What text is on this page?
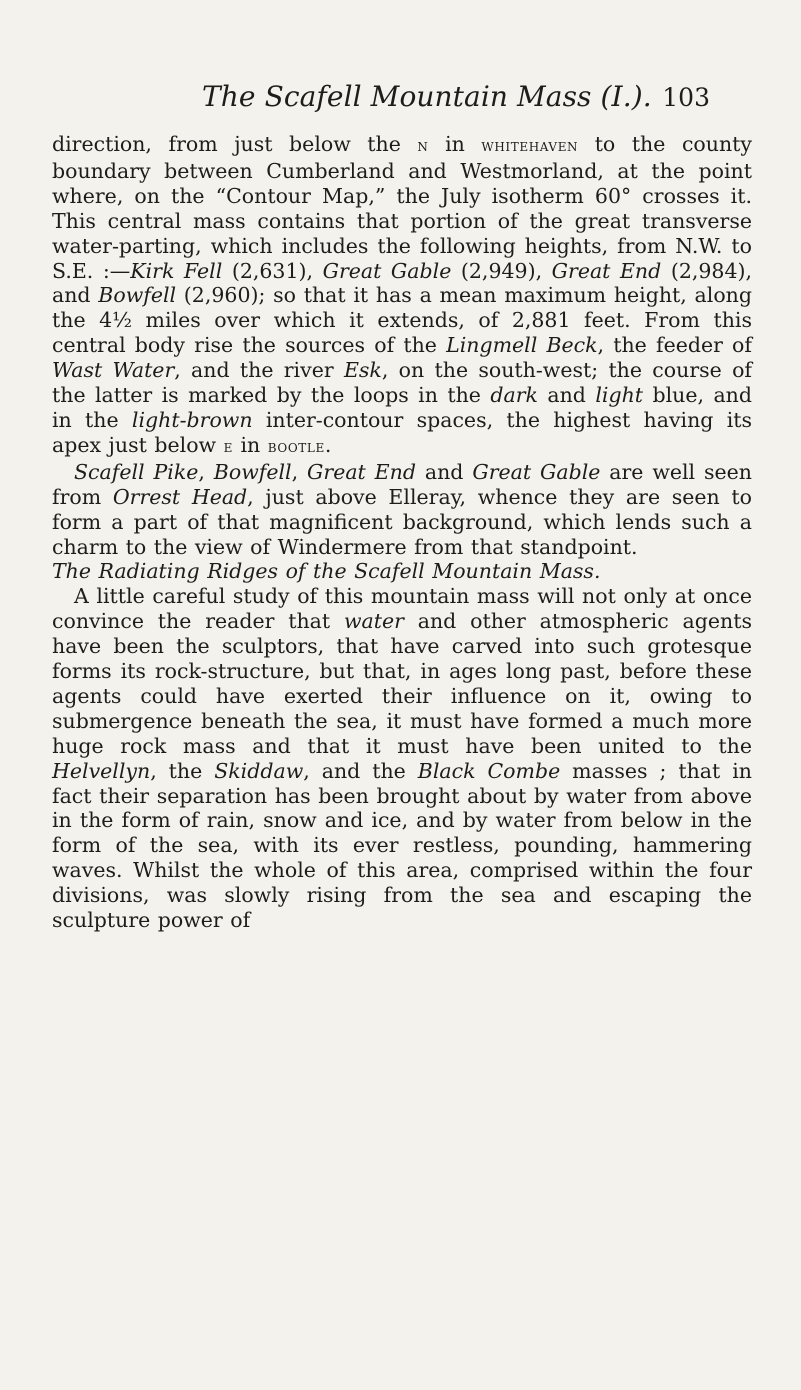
The Scafell Mountain Mass (I.). 103

direction, from just below the n in whitehaven to the county boundary between Cumberland and Westmorland, at the point where, on the “Contour Map,” the July isotherm 60° crosses it. This central mass contains that portion of the great transverse water-parting, which includes the following heights, from N.W. to S.E. :—Kirk Fell (2,631), Great Gable (2,949), Great End (2,984), and Bowfell (2,960); so that it has a mean maximum height, along the 4½ miles over which it extends, of 2,881 feet. From this central body rise the sources of the Lingmell Beck, the feeder of Wast Water, and the river Esk, on the south-west; the course of the latter is marked by the loops in the dark and light blue, and in the light-brown inter-contour spaces, the highest having its apex just below e in bootle.

Scafell Pike, Bowfell, Great End and Great Gable are well seen from Orrest Head, just above Elleray, whence they are seen to form a part of that magnificent background, which lends such a charm to the view of Windermere from that standpoint.

The Radiating Ridges of the Scafell Mountain Mass.

A little careful study of this mountain mass will not only at once convince the reader that water and other atmospheric agents have been the sculptors, that have carved into such grotesque forms its rock-structure, but that, in ages long past, before these agents could have exerted their influence on it, owing to submergence beneath the sea, it must have formed a much more huge rock mass and that it must have been united to the Helvellyn, the Skiddaw, and the Black Combe masses ; that in fact their separation has been brought about by water from above in the form of rain, snow and ice, and by water from below in the form of the sea, with its ever restless, pounding, hammering waves. Whilst the whole of this area, comprised within the four divisions, was slowly rising from the sea and escaping the sculpture power of
